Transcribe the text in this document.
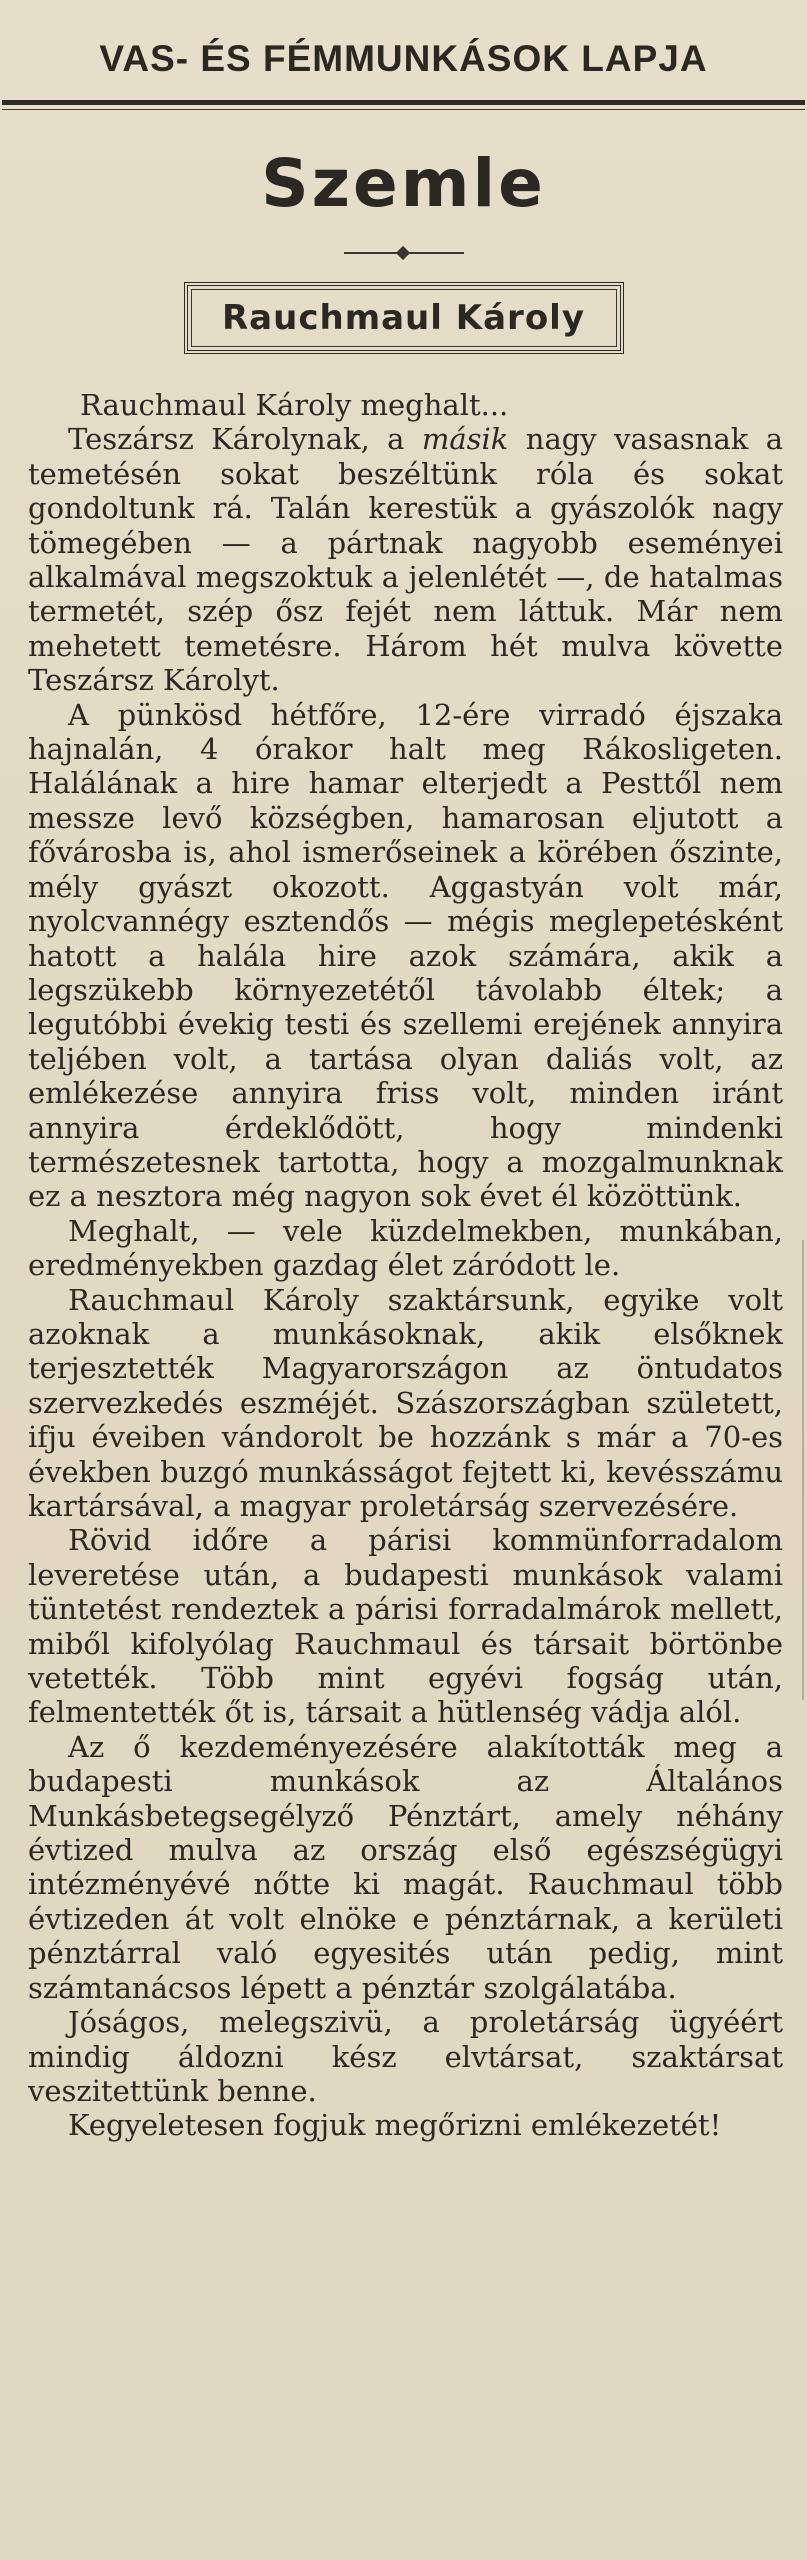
VAS- ÉS FÉMMUNKÁSOK LAPJA
Szemle
Rauchmaul Károly

Rauchmaul Károly meghalt...

Teszársz Károlynak, a másik nagy vasasnak a temetésén sokat beszéltünk róla és sokat gondoltunk rá. Talán kerestük a gyászolók nagy tömegében — a pártnak nagyobb eseményei alkalmával megszoktuk a jelenlétét —, de hatalmas termetét, szép ősz fejét nem láttuk. Már nem mehetett temetésre. Három hét mulva követte Teszársz Károlyt.

A pünkösd hétfőre, 12-ére virradó éjszaka hajnalán, 4 órakor halt meg Rákosligeten. Halálának a hire hamar elterjedt a Pesttől nem messze levő községben, hamarosan eljutott a fővárosba is, ahol ismerőseinek a körében őszinte, mély gyászt okozott. Aggastyán volt már, nyolcvannégy esztendős — mégis meglepetésként hatott a halála hire azok számára, akik a legszükebb környezetétől távolabb éltek; a legutóbbi évekig testi és szellemi erejének annyira teljében volt, a tartása olyan daliás volt, az emlékezése annyira friss volt, minden iránt annyira érdeklődött, hogy mindenki természetesnek tartotta, hogy a mozgalmunknak ez a nesztora még nagyon sok évet él közöttünk.

Meghalt, — vele küzdelmekben, munkában, eredményekben gazdag élet záródott le.

Rauchmaul Károly szaktársunk, egyike volt azoknak a munkásoknak, akik elsőknek terjesztették Magyarországon az öntudatos szervezkedés eszméjét. Szászországban született, ifju éveiben vándorolt be hozzánk s már a 70-es években buzgó munkásságot fejtett ki, kevésszámu kartársával, a magyar proletárság szervezésére.

Rövid időre a párisi kommünforradalom leveretése után, a budapesti munkások valami tüntetést rendeztek a párisi forradalmárok mellett, miből kifolyólag Rauchmaul és társait börtönbe vetették. Több mint egyévi fogság után, felmentették őt is, társait a hütlenség vádja alól.

Az ő kezdeményezésére alakították meg a budapesti munkások az Általános Munkásbetegsegélyző Pénztárt, amely néhány évtized mulva az ország első egészségügyi intézményévé nőtte ki magát. Rauchmaul több évtizeden át volt elnöke e pénztárnak, a kerületi pénztárral való egyesités után pedig, mint számtanácsos lépett a pénztár szolgálatába.

Jóságos, melegszivü, a proletárság ügyéért mindig áldozni kész elvtársat, szaktársat veszitettünk benne.

Kegyeletesen fogjuk megőrizni emlékezetét!
